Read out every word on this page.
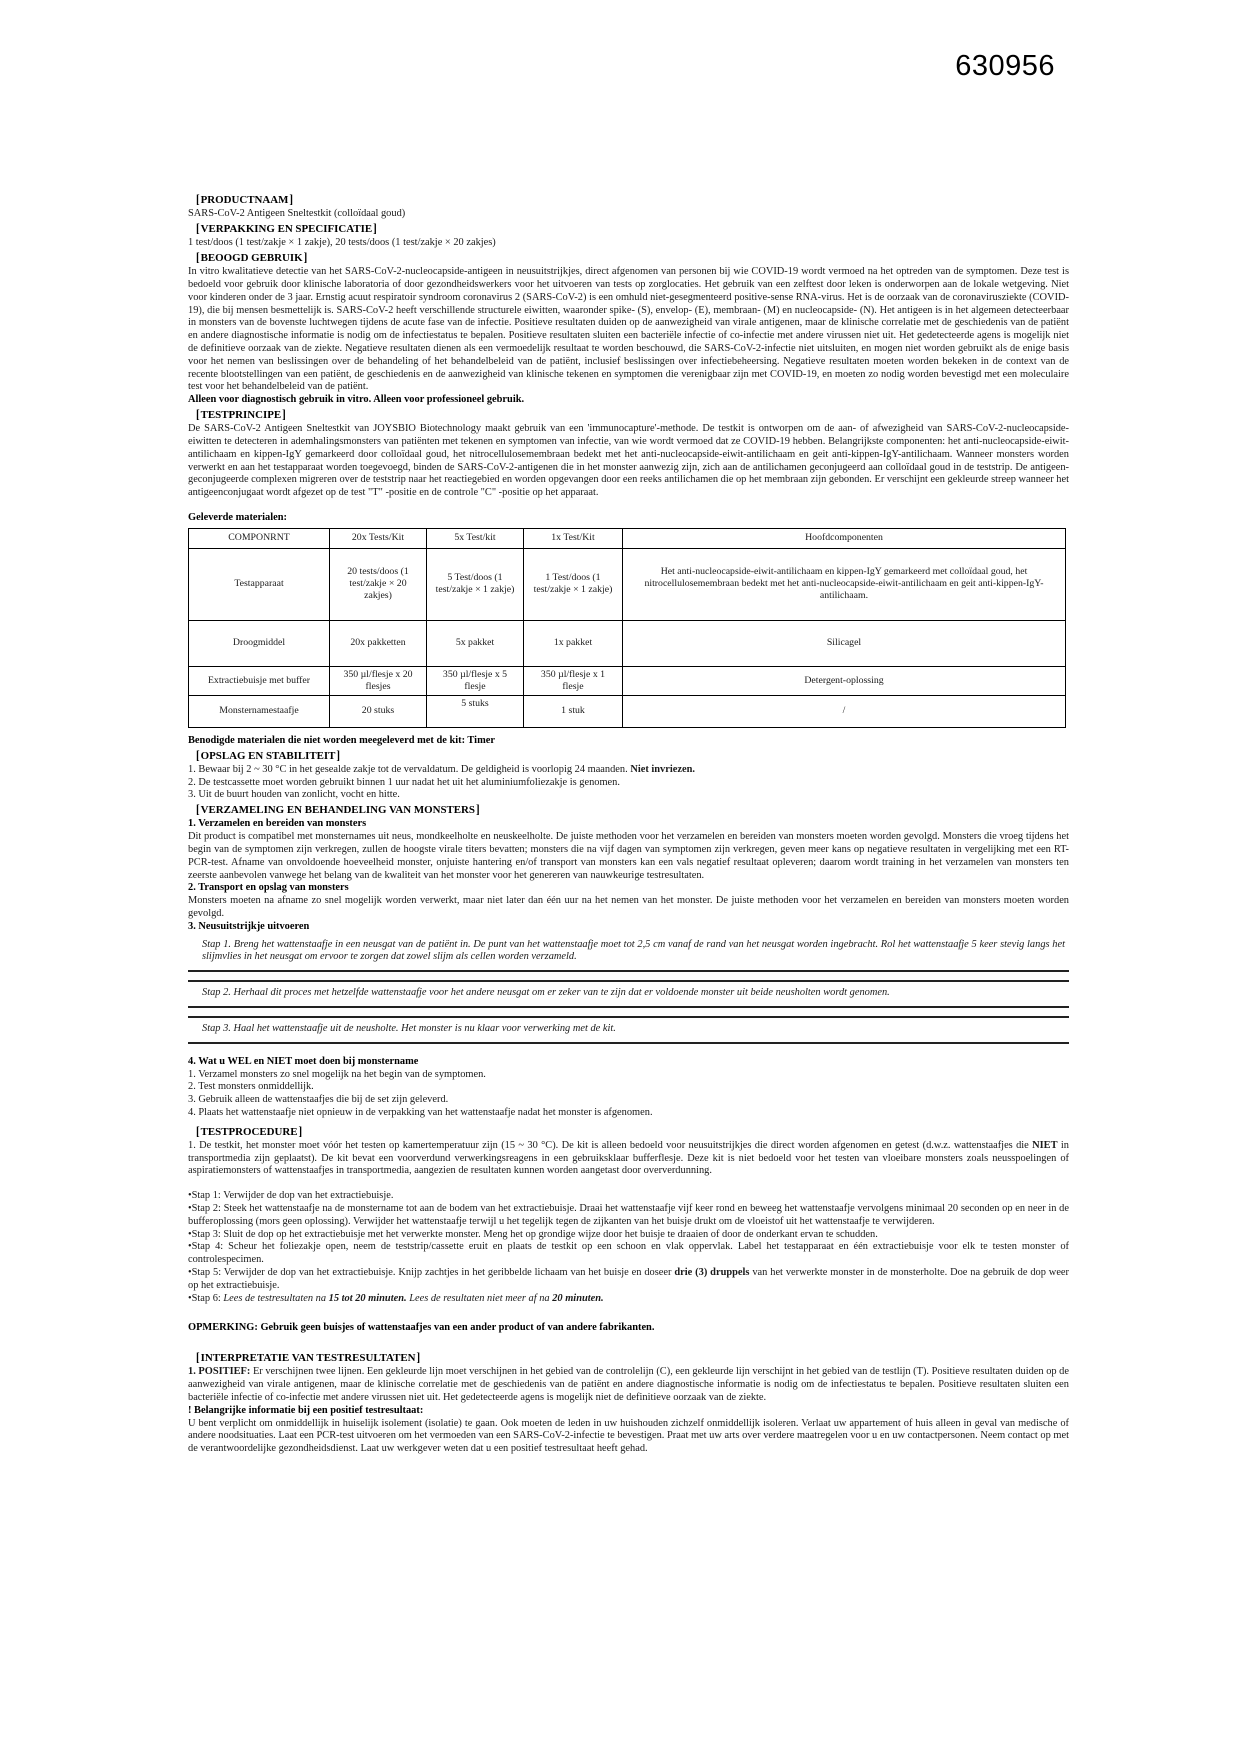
630956
[PRODUCTNAAM]

SARS-CoV-2 Antigeen Sneltestkit (colloïdaal goud)

[VERPAKKING EN SPECIFICATIE]

1 test/doos (1 test/zakje × 1 zakje), 20 tests/doos (1 test/zakje × 20 zakjes)

[BEOOGD GEBRUIK]

In vitro kwalitatieve detectie van het SARS-CoV-2-nucleocapside-antigeen in neusuitstrijkjes, direct afgenomen van personen bij wie COVID-19 wordt vermoed na het optreden van de symptomen. Deze test is bedoeld voor gebruik door klinische laboratoria of door gezondheidswerkers voor het uitvoeren van tests op zorglocaties. Het gebruik van een zelftest door leken is onderworpen aan de lokale wetgeving. Niet voor kinderen onder de 3 jaar. Ernstig acuut respiratoir syndroom coronavirus 2 (SARS-CoV-2) is een omhuld niet-gesegmenteerd positive-sense RNA-virus. Het is de oorzaak van de coronavirusziekte (COVID-19), die bij mensen besmettelijk is. SARS-CoV-2 heeft verschillende structurele eiwitten, waaronder spike- (S), envelop- (E), membraan- (M) en nucleocapside- (N). Het antigeen is in het algemeen detecteerbaar in monsters van de bovenste luchtwegen tijdens de acute fase van de infectie. Positieve resultaten duiden op de aanwezigheid van virale antigenen, maar de klinische correlatie met de geschiedenis van de patiënt en andere diagnostische informatie is nodig om de infectiestatus te bepalen. Positieve resultaten sluiten een bacteriële infectie of co-infectie met andere virussen niet uit. Het gedetecteerde agens is mogelijk niet de definitieve oorzaak van de ziekte. Negatieve resultaten dienen als een vermoedelijk resultaat te worden beschouwd, die SARS-CoV-2-infectie niet uitsluiten, en mogen niet worden gebruikt als de enige basis voor het nemen van beslissingen over de behandeling of het behandelbeleid van de patiënt, inclusief beslissingen over infectiebeheersing. Negatieve resultaten moeten worden bekeken in de context van de recente blootstellingen van een patiënt, de geschiedenis en de aanwezigheid van klinische tekenen en symptomen die verenigbaar zijn met COVID-19, en moeten zo nodig worden bevestigd met een moleculaire test voor het behandelbeleid van de patiënt.

Alleen voor diagnostisch gebruik in vitro. Alleen voor professioneel gebruik.

[TESTPRINCIPE]

De SARS-CoV-2 Antigeen Sneltestkit van JOYSBIO Biotechnology maakt gebruik van een 'immunocapture'-methode. De testkit is ontworpen om de aan- of afwezigheid van SARS-CoV-2-nucleocapside-eiwitten te detecteren in ademhalingsmonsters van patiënten met tekenen en symptomen van infectie, van wie wordt vermoed dat ze COVID-19 hebben. Belangrijkste componenten: het anti-nucleocapside-eiwit-antilichaam en kippen-IgY gemarkeerd door colloïdaal goud, het nitrocellulosemembraan bedekt met het anti-nucleocapside-eiwit-antilichaam en geit anti-kippen-IgY-antilichaam. Wanneer monsters worden verwerkt en aan het testapparaat worden toegevoegd, binden de SARS-CoV-2-antigenen die in het monster aanwezig zijn, zich aan de antilichamen geconjugeerd aan colloïdaal goud in de teststrip. De antigeen-geconjugeerde complexen migreren over de teststrip naar het reactiegebied en worden opgevangen door een reeks antilichamen die op het membraan zijn gebonden. Er verschijnt een gekleurde streep wanneer het antigeenconjugaat wordt afgezet op de test "T" -positie en de controle "C" -positie op het apparaat.

Geleverde materialen:

COMPONRNT	20x Tests/Kit	5x Test/kit	1x Test/Kit	Hoofdcomponenten
Testapparaat	20 tests/doos (1 test/zakje × 20 zakjes)	5 Test/doos (1 test/zakje × 1 zakje)	1 Test/doos (1 test/zakje × 1 zakje)	Het anti-nucleocapside-eiwit-antilichaam en kippen-IgY gemarkeerd met colloïdaal goud, het nitrocellulosemembraan bedekt met het anti-nucleocapside-eiwit-antilichaam en geit anti-kippen-IgY-antilichaam.
Droogmiddel	20x pakketten	5x pakket	1x pakket	Silicagel
Extractiebuisje met buffer	350 µl/flesje x 20 flesjes	350 µl/flesje x 5 flesje	350 µl/flesje x 1 flesje	Detergent-oplossing
Monsternamestaafje	20 stuks	5 stuks	1 stuk	/

Benodigde materialen die niet worden meegeleverd met de kit: Timer

[OPSLAG EN STABILITEIT]

1. Bewaar bij 2 ~ 30 °C in het gesealde zakje tot de vervaldatum. De geldigheid is voorlopig 24 maanden. Niet invriezen.

2. De testcassette moet worden gebruikt binnen 1 uur nadat het uit het aluminiumfoliezakje is genomen.

3. Uit de buurt houden van zonlicht, vocht en hitte.

[VERZAMELING EN BEHANDELING VAN MONSTERS]

1. Verzamelen en bereiden van monsters

Dit product is compatibel met monsternames uit neus, mondkeelholte en neuskeelholte. De juiste methoden voor het verzamelen en bereiden van monsters moeten worden gevolgd. Monsters die vroeg tijdens het begin van de symptomen zijn verkregen, zullen de hoogste virale titers bevatten; monsters die na vijf dagen van symptomen zijn verkregen, geven meer kans op negatieve resultaten in vergelijking met een RT-PCR-test. Afname van onvoldoende hoeveelheid monster, onjuiste hantering en/of transport van monsters kan een vals negatief resultaat opleveren; daarom wordt training in het verzamelen van monsters ten zeerste aanbevolen vanwege het belang van de kwaliteit van het monster voor het genereren van nauwkeurige testresultaten.

2. Transport en opslag van monsters

Monsters moeten na afname zo snel mogelijk worden verwerkt, maar niet later dan één uur na het nemen van het monster. De juiste methoden voor het verzamelen en bereiden van monsters moeten worden gevolgd.

3. Neusuitstrijkje uitvoeren

Stap 1. Breng het wattenstaafje in een neusgat van de patiënt in. De punt van het wattenstaafje moet tot 2,5 cm vanaf de rand van het neusgat worden ingebracht. Rol het wattenstaafje 5 keer stevig langs het slijmvlies in het neusgat om ervoor te zorgen dat zowel slijm als cellen worden verzameld.
Stap 2. Herhaal dit proces met hetzelfde wattenstaafje voor het andere neusgat om er zeker van te zijn dat er voldoende monster uit beide neusholten wordt genomen.
Stap 3. Haal het wattenstaafje uit de neusholte. Het monster is nu klaar voor verwerking met de kit.

4. Wat u WEL en NIET moet doen bij monstername

1. Verzamel monsters zo snel mogelijk na het begin van de symptomen.

2. Test monsters onmiddellijk.

3. Gebruik alleen de wattenstaafjes die bij de set zijn geleverd.

4. Plaats het wattenstaafje niet opnieuw in de verpakking van het wattenstaafje nadat het monster is afgenomen.

[TESTPROCEDURE]

1. De testkit, het monster moet vóór het testen op kamertemperatuur zijn (15 ~ 30 °C). De kit is alleen bedoeld voor neusuitstrijkjes die direct worden afgenomen en getest (d.w.z. wattenstaafjes die NIET in transportmedia zijn geplaatst). De kit bevat een voorverdund verwerkingsreagens in een gebruiksklaar bufferflesje. Deze kit is niet bedoeld voor het testen van vloeibare monsters zoals neusspoelingen of aspiratiemonsters of wattenstaafjes in transportmedia, aangezien de resultaten kunnen worden aangetast door oververdunning.

•Stap 1: Verwijder de dop van het extractiebuisje.

•Stap 2: Steek het wattenstaafje na de monstername tot aan de bodem van het extractiebuisje. Draai het wattenstaafje vijf keer rond en beweeg het wattenstaafje vervolgens minimaal 20 seconden op en neer in de bufferoplossing (mors geen oplossing). Verwijder het wattenstaafje terwijl u het tegelijk tegen de zijkanten van het buisje drukt om de vloeistof uit het wattenstaafje te verwijderen.

•Stap 3: Sluit de dop op het extractiebuisje met het verwerkte monster. Meng het op grondige wijze door het buisje te draaien of door de onderkant ervan te schudden.

•Stap 4: Scheur het foliezakje open, neem de teststrip/cassette eruit en plaats de testkit op een schoon en vlak oppervlak. Label het testapparaat en één extractiebuisje voor elk te testen monster of controlespecimen.

•Stap 5: Verwijder de dop van het extractiebuisje. Knijp zachtjes in het geribbelde lichaam van het buisje en doseer drie (3) druppels van het verwerkte monster in de monsterholte. Doe na gebruik de dop weer op het extractiebuisje.

•Stap 6: Lees de testresultaten na 15 tot 20 minuten. Lees de resultaten niet meer af na 20 minuten.

OPMERKING: Gebruik geen buisjes of wattenstaafjes van een ander product of van andere fabrikanten.

[INTERPRETATIE VAN TESTRESULTATEN]

1. POSITIEF: Er verschijnen twee lijnen. Een gekleurde lijn moet verschijnen in het gebied van de controlelijn (C), een gekleurde lijn verschijnt in het gebied van de testlijn (T). Positieve resultaten duiden op de aanwezigheid van virale antigenen, maar de klinische correlatie met de geschiedenis van de patiënt en andere diagnostische informatie is nodig om de infectiestatus te bepalen. Positieve resultaten sluiten een bacteriële infectie of co-infectie met andere virussen niet uit. Het gedetecteerde agens is mogelijk niet de definitieve oorzaak van de ziekte.

! Belangrijke informatie bij een positief testresultaat:

U bent verplicht om onmiddellijk in huiselijk isolement (isolatie) te gaan. Ook moeten de leden in uw huishouden zichzelf onmiddellijk isoleren. Verlaat uw appartement of huis alleen in geval van medische of andere noodsituaties. Laat een PCR-test uitvoeren om het vermoeden van een SARS-CoV-2-infectie te bevestigen. Praat met uw arts over verdere maatregelen voor u en uw contactpersonen. Neem contact op met de verantwoordelijke gezondheidsdienst. Laat uw werkgever weten dat u een positief testresultaat heeft gehad.
